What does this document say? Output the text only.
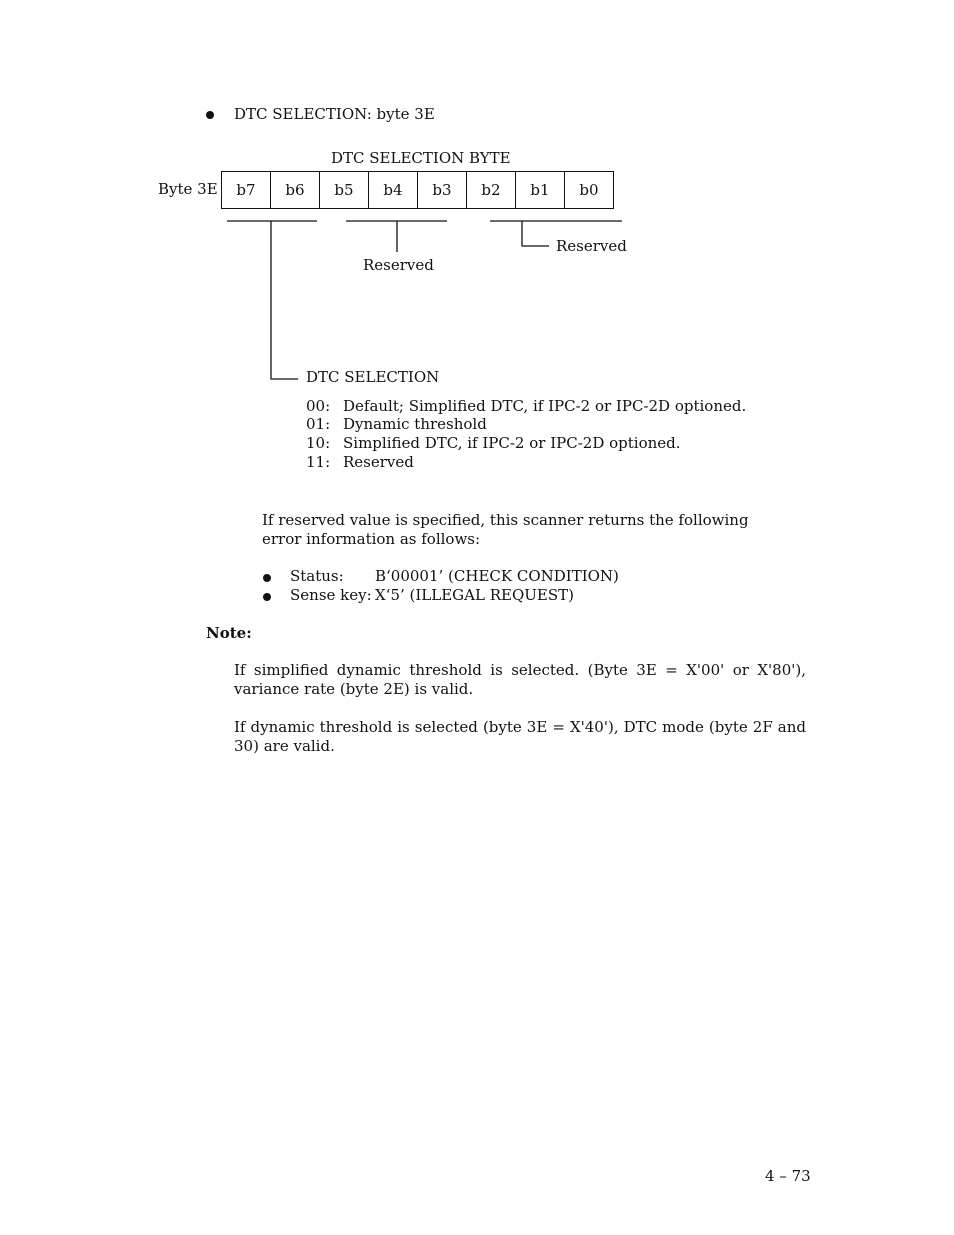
DTC SELECTION: byte 3E
DTC SELECTION BYTE
Byte 3E b7	b6	b5	b4	b3	b2	b1	b0
Reserved
Reserved
DTC SELECTION
00: Default; Simplified DTC, if IPC-2 or IPC-2D optioned.
01: Dynamic threshold
10: Simplified DTC, if IPC-2 or IPC-2D optioned.
11: Reserved
If reserved value is specified, this scanner returns the following error information as follows:
Status: B‘00001’ (CHECK CONDITION)
Sense key: X‘5’ (ILLEGAL REQUEST)
Note:
If simplified dynamic threshold is selected. (Byte 3E = X'00' or X'80'), variance rate (byte 2E) is valid.
If dynamic threshold is selected (byte 3E = X'40'), DTC mode (byte 2F and 30) are valid.
4 – 73
